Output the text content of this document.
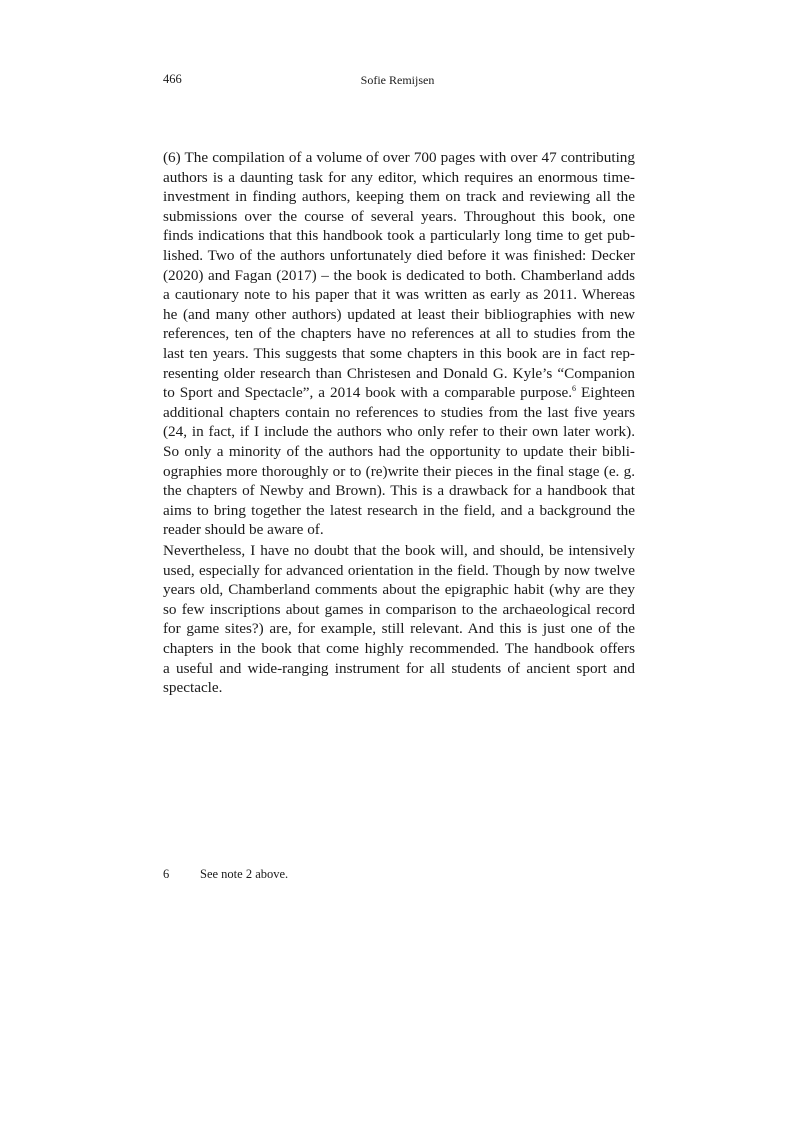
466	Sofie Remijsen
(6) The compilation of a volume of over 700 pages with over 47 contributing
authors is a daunting task for any editor, which requires an enormous time-
investment in finding authors, keeping them on track and reviewing all the
submissions over the course of several years. Throughout this book, one
finds indications that this handbook took a particularly long time to get pub-
lished. Two of the authors unfortunately died before it was finished: Decker
(2020) and Fagan (2017) – the book is dedicated to both. Chamberland adds
a cautionary note to his paper that it was written as early as 2011. Whereas
he (and many other authors) updated at least their bibliographies with new
references, ten of the chapters have no references at all to studies from the
last ten years. This suggests that some chapters in this book are in fact rep-
resenting older research than Christesen and Donald G. Kyle’s “Companion
to Sport and Spectacle”, a 2014 book with a comparable purpose.$^6$ Eighteen
additional chapters contain no references to studies from the last five years
(24, in fact, if I include the authors who only refer to their own later work).
So only a minority of the authors had the opportunity to update their bibli-
ographies more thoroughly or to (re)write their pieces in the final stage (e. g.
the chapters of Newby and Brown). This is a drawback for a handbook that
aims to bring together the latest research in the field, and a background the
reader should be aware of.
Nevertheless, I have no doubt that the book will, and should, be intensively
used, especially for advanced orientation in the field. Though by now twelve
years old, Chamberland comments about the epigraphic habit (why are they
so few inscriptions about games in comparison to the archaeological record
for game sites?) are, for example, still relevant. And this is just one of the
chapters in the book that come highly recommended. The handbook offers
a useful and wide-ranging instrument for all students of ancient sport and
spectacle.
6 See note 2 above.
